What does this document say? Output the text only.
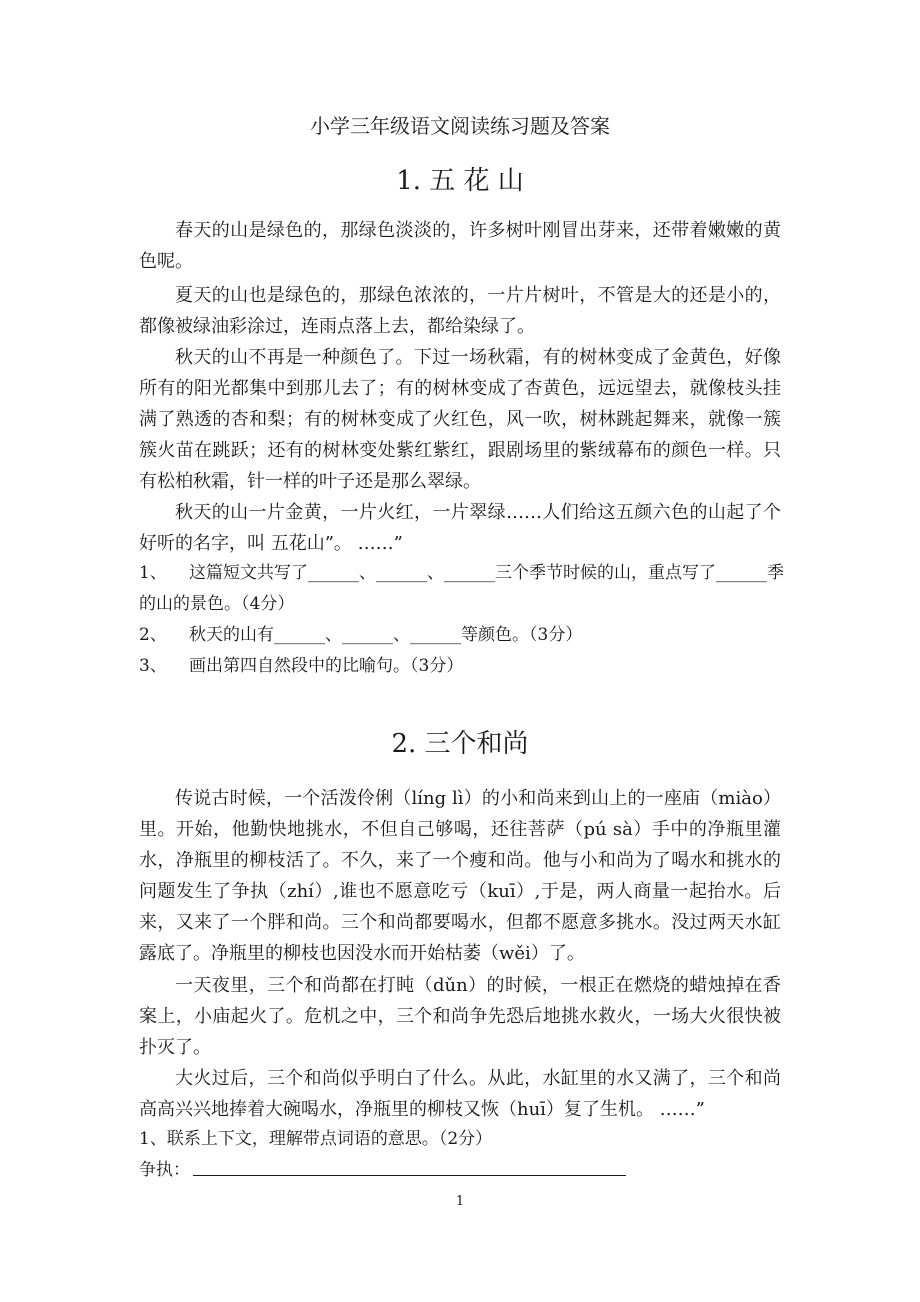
小学三年级语文阅读练习题及答案
1. 五 花 山

春天的山是绿色的，那绿色淡淡的，许多树叶刚冒出芽来，还带着嫩嫩的黄色呢。

夏天的山也是绿色的，那绿色浓浓的，一片片树叶，不管是大的还是小的，都像被绿油彩涂过，连雨点落上去，都给染绿了。

秋天的山不再是一种颜色了。下过一场秋霜，有的树林变成了金黄色，好像所有的阳光都集中到那儿去了；有的树林变成了杏黄色，远远望去，就像枝头挂满了熟透的杏和梨；有的树林变成了火红色，风一吹，树林跳起舞来，就像一簇簇火苗在跳跃；还有的树林变处紫红紫红，跟剧场里的紫绒幕布的颜色一样。只有松柏秋霜，针一样的叶子还是那么翠绿。

秋天的山一片金黄，一片火红，一片翠绿……人们给这五颜六色的山起了个好听的名字，叫 五花山”。 ……”

1、 这篇短文共写了______、______、______三个季节时候的山，重点写了______季的山的景色。（4分）
2、 秋天的山有______、______、______等颜色。（3分）
3、 画出第四自然段中的比喻句。（3分）
2. 三个和尚

传说古时候，一个活泼伶俐（líng lì）的小和尚来到山上的一座庙（miào）里。开始，他勤快地挑水，不但自己够喝，还往菩萨（pú sà）手中的净瓶里灌水，净瓶里的柳枝活了。不久，来了一个瘦和尚。他与小和尚为了喝水和挑水的问题发生了争执（zhí）,谁也不愿意吃亏（kuī）,于是，两人商量一起抬水。后来，又来了一个胖和尚。三个和尚都要喝水，但都不愿意多挑水。没过两天水缸露底了。净瓶里的柳枝也因没水而开始枯萎（wěi）了。

一天夜里，三个和尚都在打盹（dǔn）的时候，一根正在燃烧的蜡烛掉在香案上，小庙起火了。危机之中，三个和尚争先恐后地挑水救火，一场大火很快被扑灭了。

大火过后，三个和尚似乎明白了什么。从此，水缸里的水又满了，三个和尚高高兴兴地捧着大碗喝水，净瓶里的柳枝又恢（huī）复了生机。 ……”

1、联系上下文，理解带点词语的意思。（2分）
争执：
1
